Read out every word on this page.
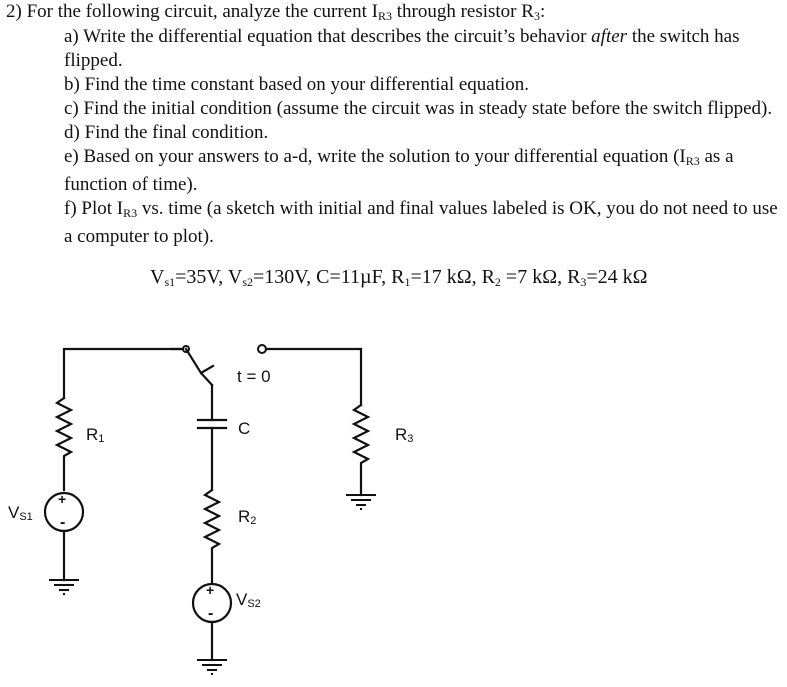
2) For the following circuit, analyze the current $I_{R3}$ through resistor $R_3$:

a) Write the differential equation that describes the circuit’s behavior after the switch has flipped.

b) Find the time constant based on your differential equation.

c) Find the initial condition (assume the circuit was in steady state before the switch flipped).

d) Find the final condition.

e) Based on your answers to a-d, write the solution to your differential equation ($I_{R3}$ as a function of time).

f) Plot $I_{R3}$ vs. time (a sketch with initial and final values labeled is OK, you do not need to use a computer to plot).

$V_{s1}=35V$, $V_{s2}=130V$, C=11µF, $R_1=17$ kΩ, $R_2 =7$ kΩ, $R_3=24$ kΩ
+
-
t = 0
C
+
-
R1	R3
R2
VS1
VS2
